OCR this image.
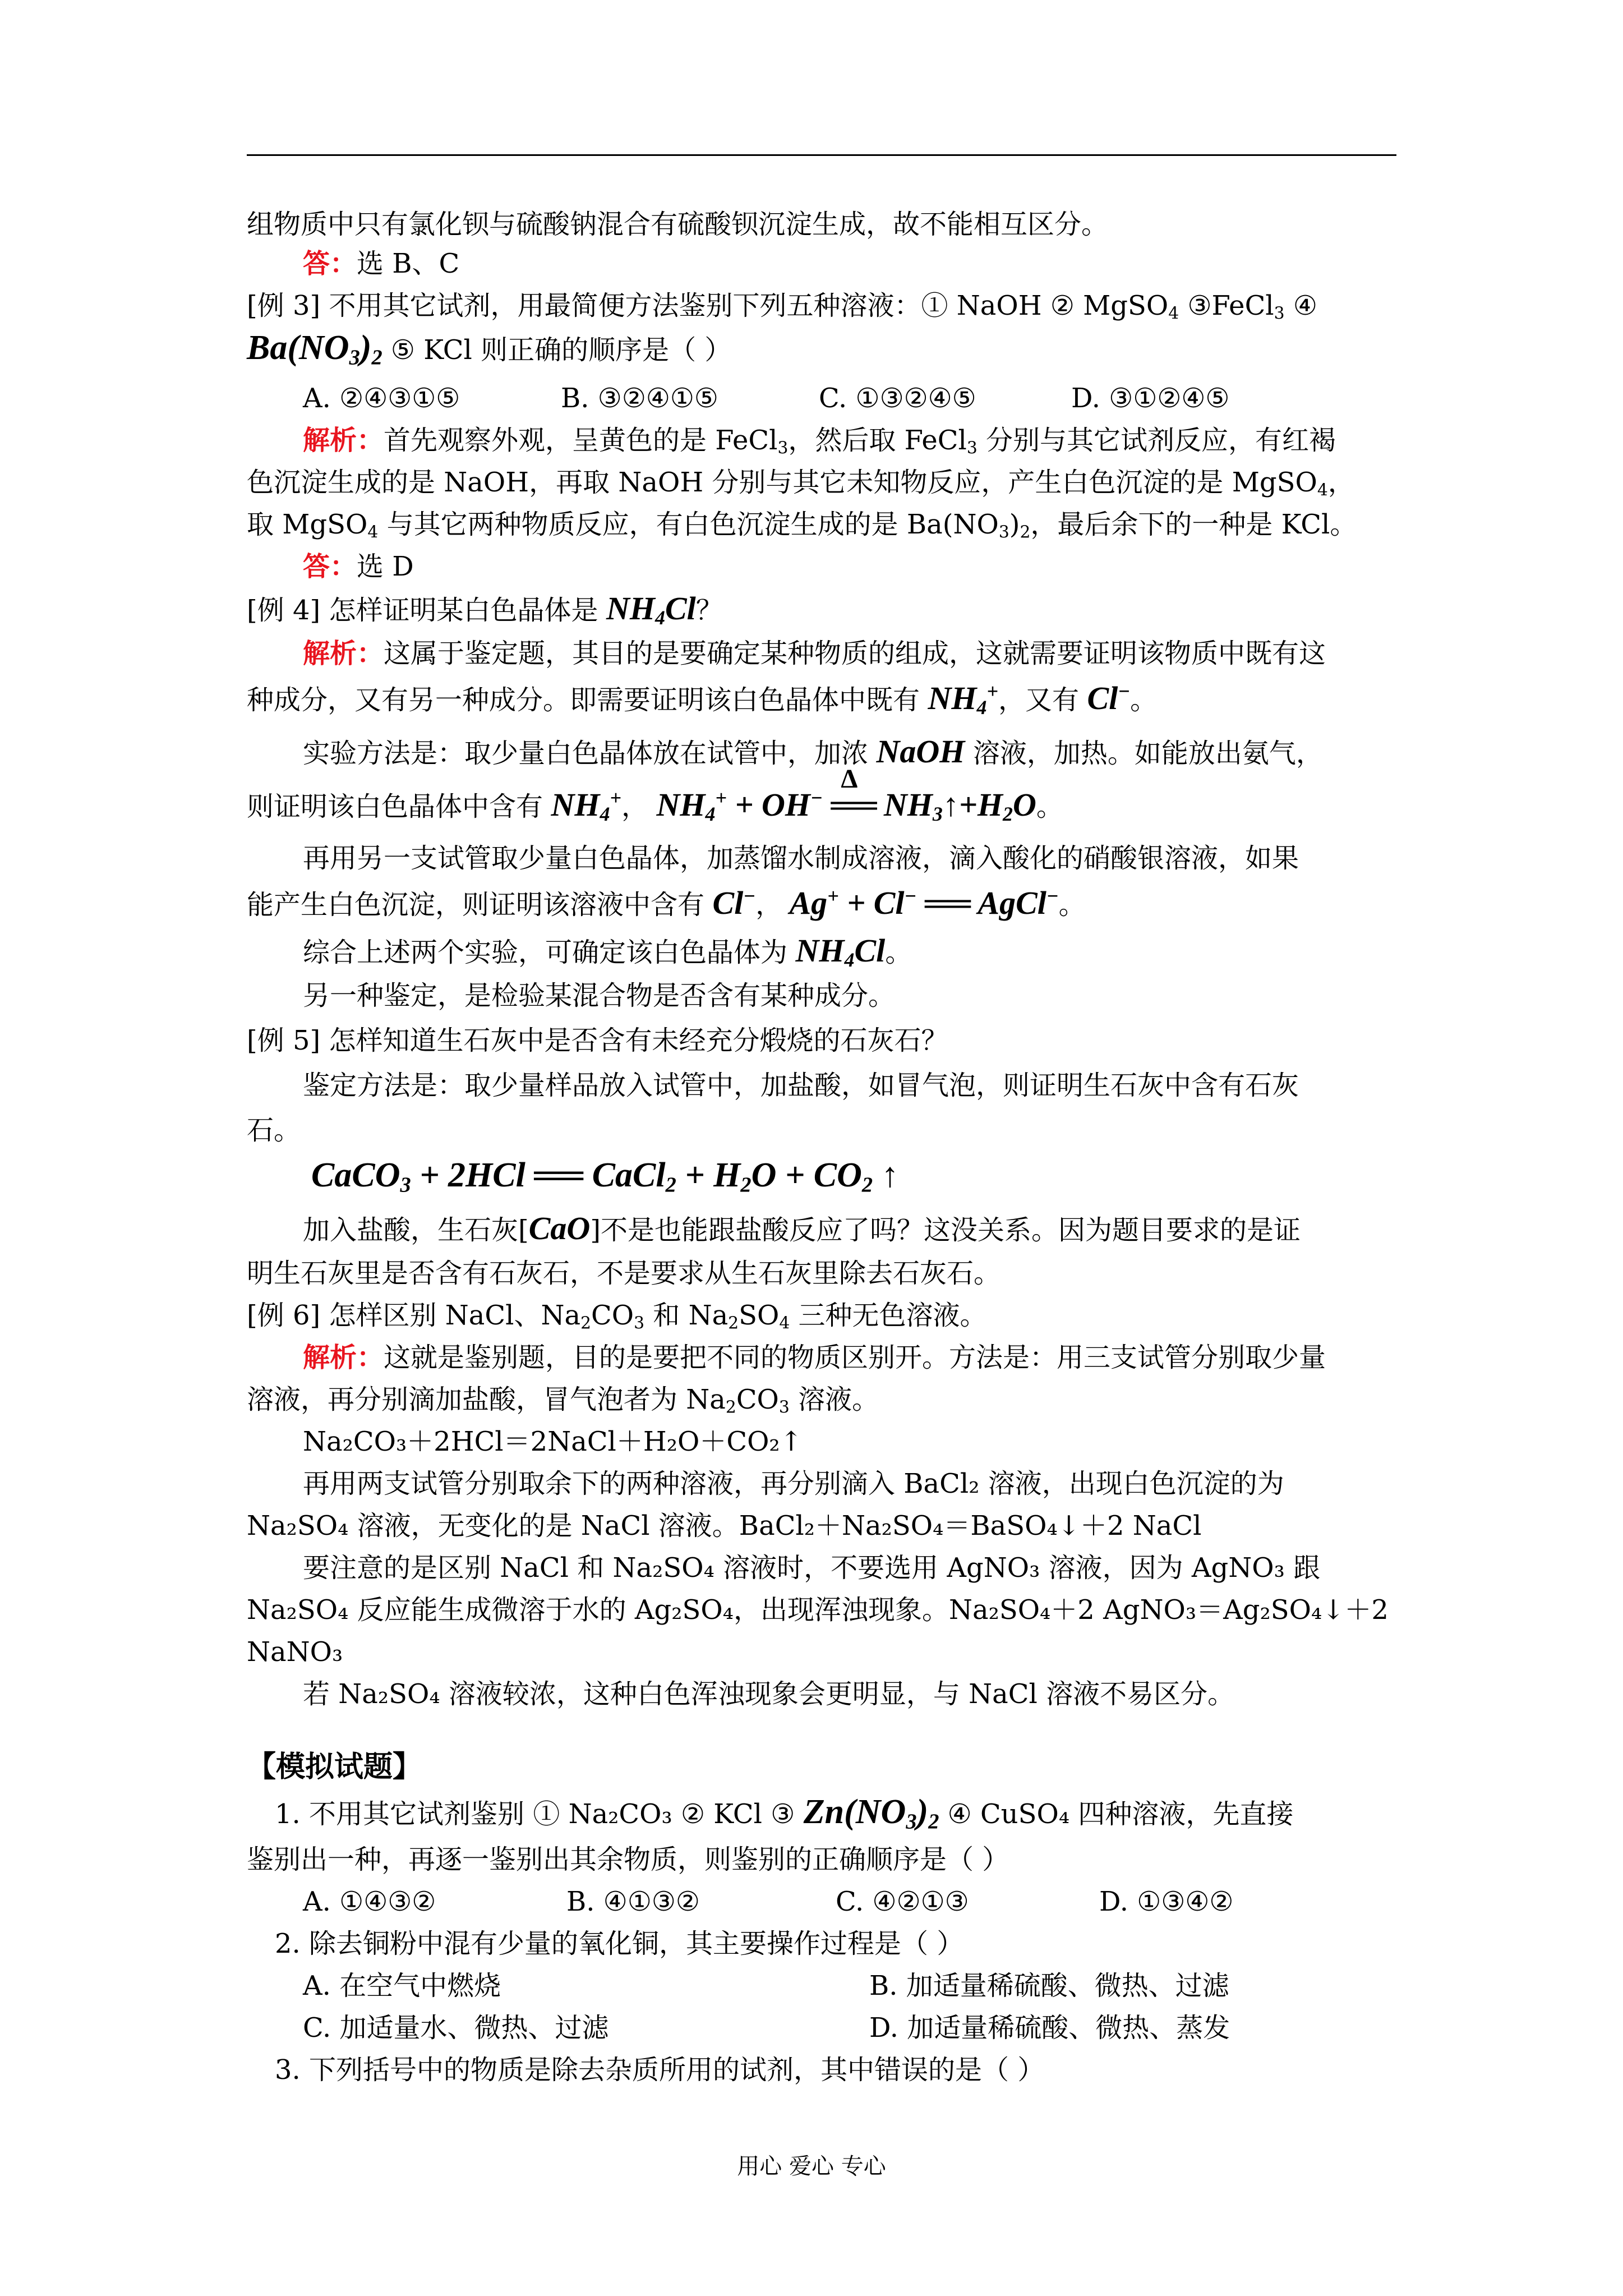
组物质中只有氯化钡与硫酸钠混合有硫酸钡沉淀生成，故不能相互区分。
答：选 B、C
[例 3] 不用其它试剂，用最简便方法鉴别下列五种溶液：① NaOH ② MgSO$_4$ ③FeCl$_3$ ④
$Ba(NO_3)_2$ ⑤ KCl 则正确的顺序是（ ）
A. ②④③①⑤	B. ③②④①⑤	C. ①③②④⑤	D. ③①②④⑤
解析：首先观察外观，呈黄色的是 FeCl$_3$，然后取 FeCl$_3$ 分别与其它试剂反应，有红褐
色沉淀生成的是 NaOH，再取 NaOH 分别与其它未知物反应，产生白色沉淀的是 MgSO$_4$，
取 MgSO$_4$ 与其它两种物质反应，有白色沉淀生成的是 $Ba(NO_3)_2$，最后余下的一种是 KCl。
答：选 D
[例 4] 怎样证明某白色晶体是 $NH_4Cl$？
解析：这属于鉴定题，其目的是要确定某种物质的组成，这就需要证明该物质中既有这
种成分，又有另一种成分。即需要证明该白色晶体中既有 $NH_4^+$，又有 Cl−。
实验方法是：取少量白色晶体放在试管中，加浓 NaOH 溶液，加热。如能放出氨气，
则证明该白色晶体中含有 $NH_4^+$， $NH_4^+ + OH^-$
Δ
══ $NH_3↑+H_2O$。
再用另一支试管取少量白色晶体，加蒸馏水制成溶液，滴入酸化的硝酸银溶液，如果
能产生白色沉淀，则证明该溶液中含有 Cl−， Ag+ + Cl− ══ AgCl−。
综合上述两个实验，可确定该白色晶体为 $NH_4Cl$。
另一种鉴定，是检验某混合物是否含有某种成分。
[例 5] 怎样知道生石灰中是否含有未经充分煅烧的石灰石？
鉴定方法是：取少量样品放入试管中，加盐酸，如冒气泡，则证明生石灰中含有石灰
石。
CaCO$_3$ + 2HCl ══ CaCl$_2$ + $H_2O + CO_2$ ↑
加入盐酸，生石灰[CaO]不是也能跟盐酸反应了吗？这没关系。因为题目要求的是证
明生石灰里是否含有石灰石，不是要求从生石灰里除去石灰石。
[例 6] 怎样区别 NaCl、$Na_2CO_3$ 和 $Na_2SO_4$ 三种无色溶液。
解析：这就是鉴别题，目的是要把不同的物质区别开。方法是：用三支试管分别取少量
溶液，再分别滴加盐酸，冒气泡者为 $Na_2CO_3$ 溶液。
Na₂CO₃＋2HCl＝2NaCl＋H₂O＋CO₂↑
再用两支试管分别取余下的两种溶液，再分别滴入 BaCl₂ 溶液，出现白色沉淀的为
Na₂SO₄ 溶液，无变化的是 NaCl 溶液。BaCl₂＋Na₂SO₄＝BaSO₄↓＋2 NaCl
要注意的是区别 NaCl 和 Na₂SO₄ 溶液时，不要选用 AgNO₃ 溶液，因为 AgNO₃ 跟
Na₂SO₄ 反应能生成微溶于水的 Ag₂SO₄，出现浑浊现象。Na₂SO₄＋2 AgNO₃＝Ag₂SO₄↓＋2
NaNO₃
若 Na₂SO₄ 溶液较浓，这种白色浑浊现象会更明显，与 NaCl 溶液不易区分。
【模拟试题】
1. 不用其它试剂鉴别 ① Na₂CO₃ ② KCl ③ $Zn(NO_3)_2$ ④ CuSO₄ 四种溶液，先直接
鉴别出一种，再逐一鉴别出其余物质，则鉴别的正确顺序是（ ）
A. ①④③②	B. ④①③②	C. ④②①③	D. ①③④②
2. 除去铜粉中混有少量的氧化铜，其主要操作过程是（ ）
A. 在空气中燃烧	B. 加适量稀硫酸、微热、过滤
C. 加适量水、微热、过滤	D. 加适量稀硫酸、微热、蒸发
3. 下列括号中的物质是除去杂质所用的试剂，其中错误的是（ ）
用心 爱心 专心
